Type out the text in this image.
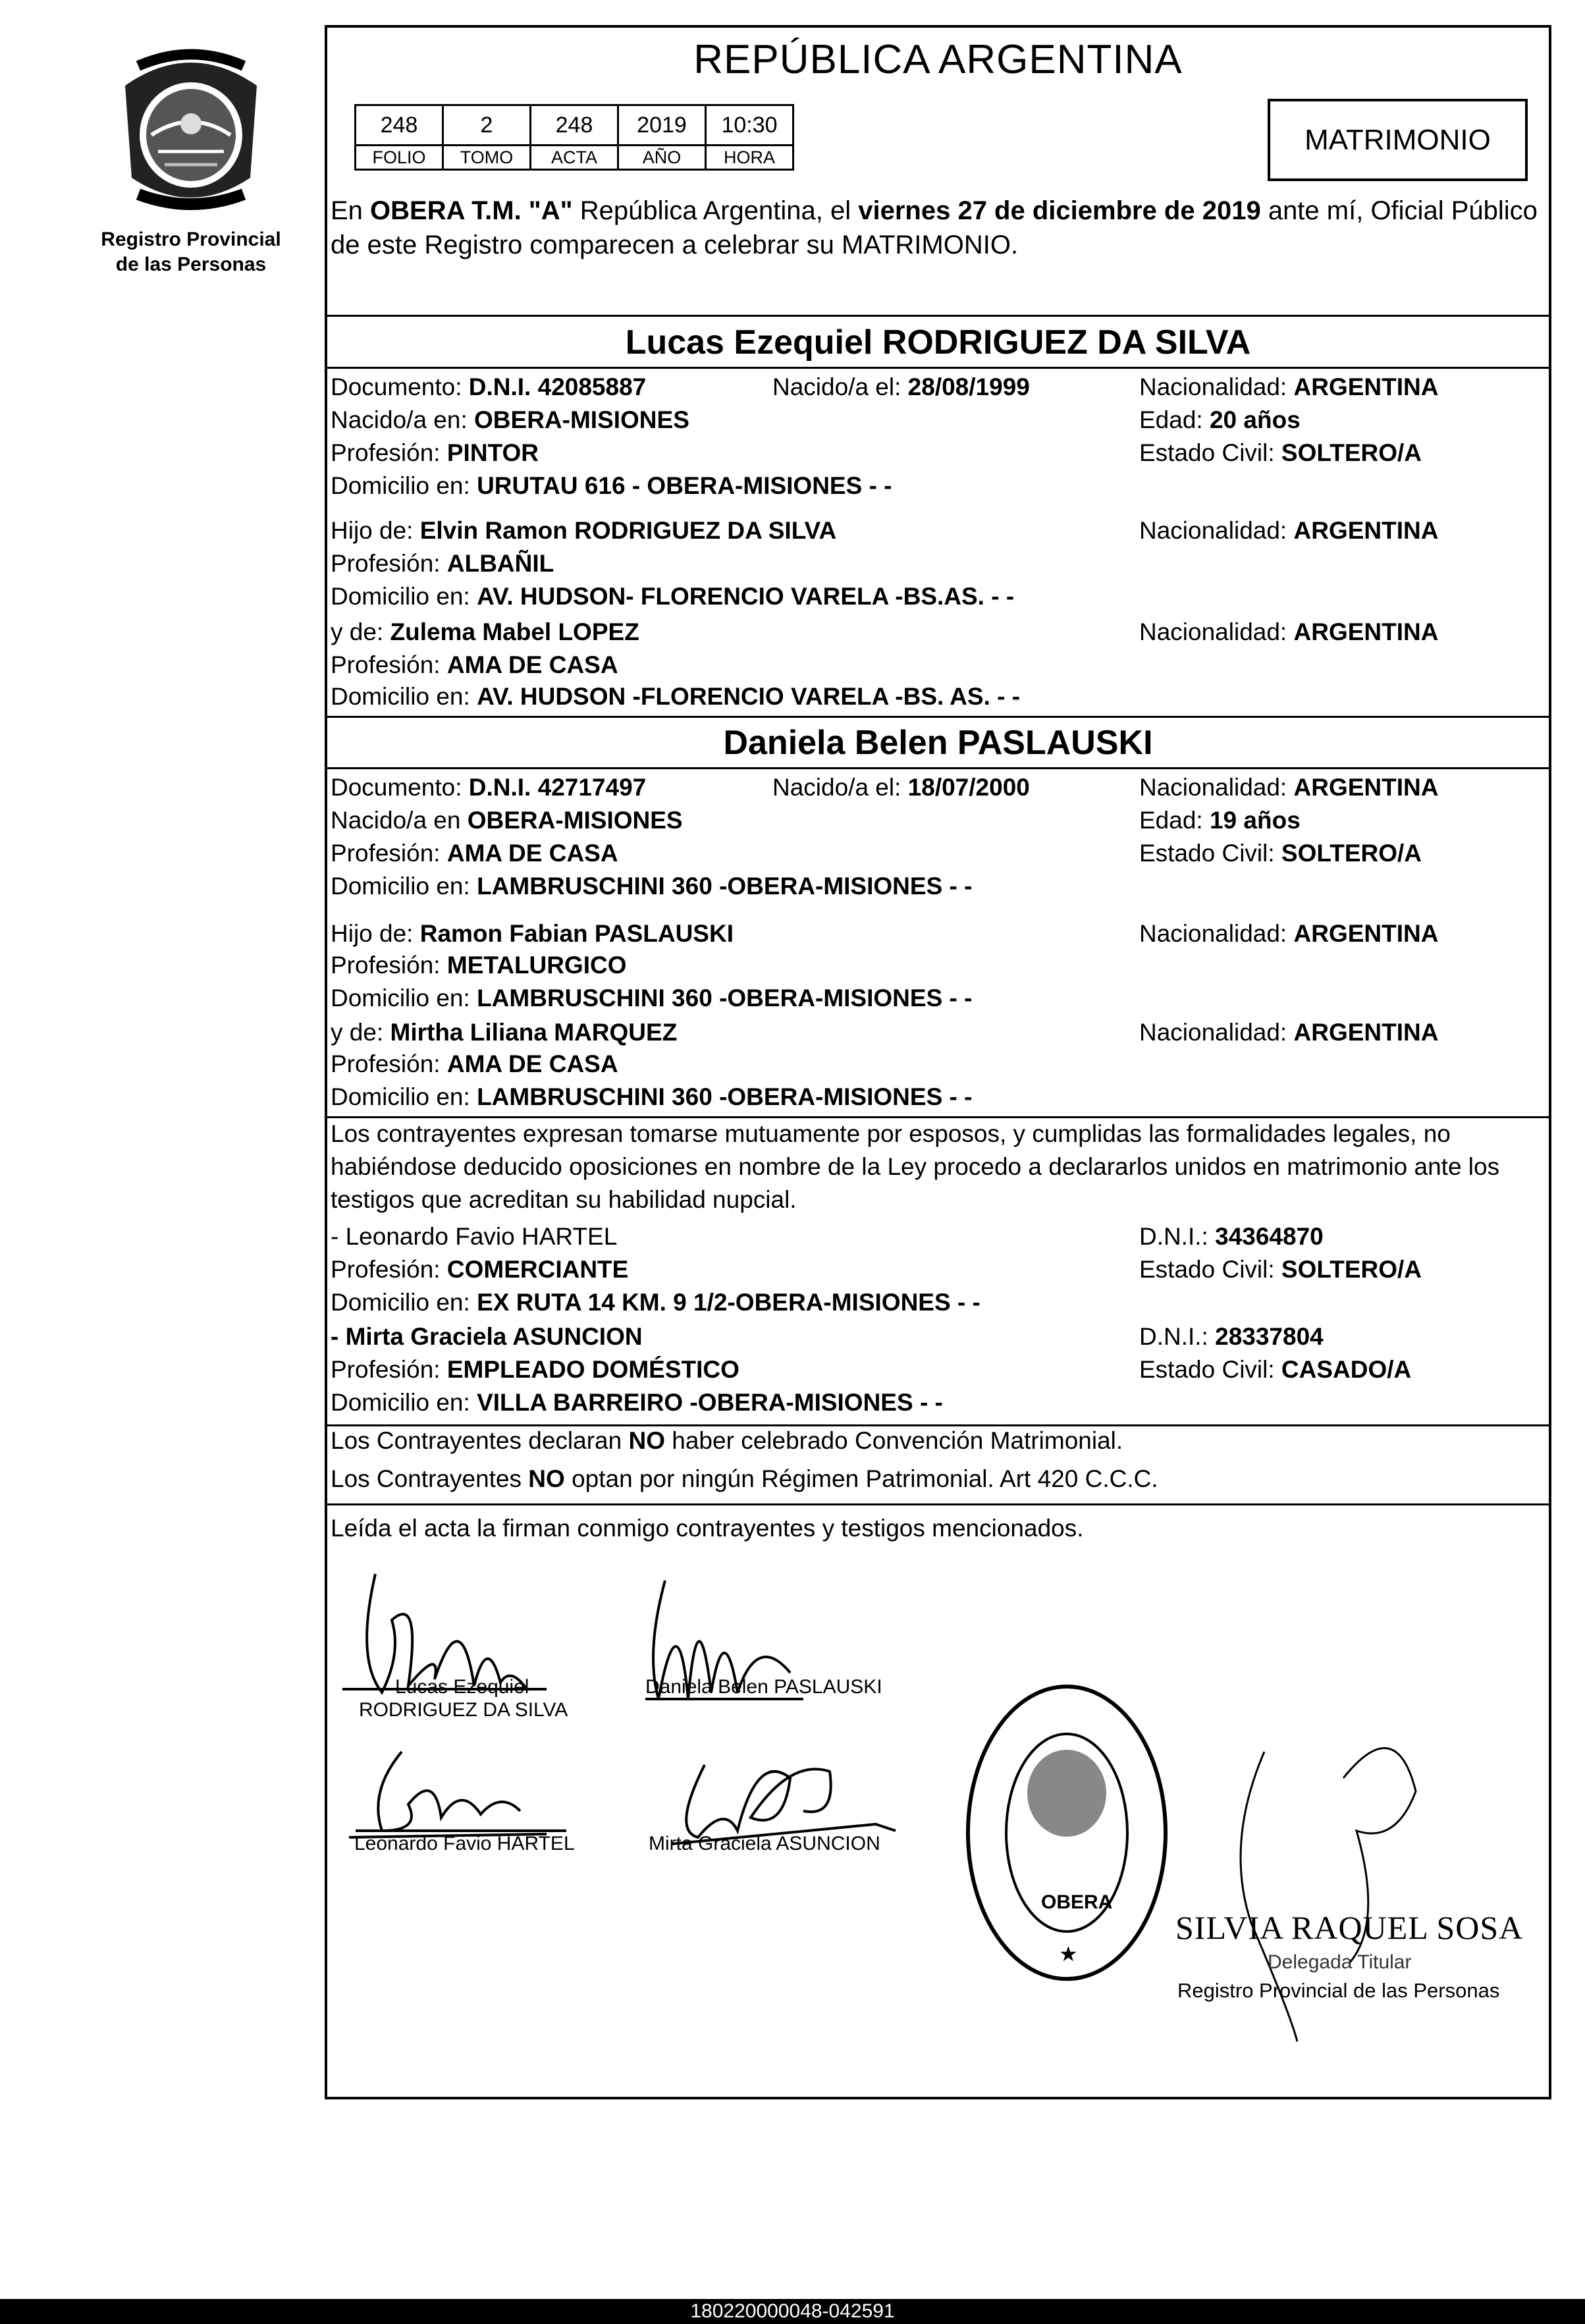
Registro Provincial
de las Personas
REPÚBLICA ARGENTINA
248	2	248	2019	10:30
FOLIO	TOMO	ACTA	AÑO	HORA
MATRIMONIO
En OBERA T.M. "A" República Argentina, el viernes 27 de diciembre de 2019 ante mí, Oficial Público de este Registro comparecen a celebrar su MATRIMONIO.
Lucas Ezequiel RODRIGUEZ DA SILVA
Documento: D.N.I. 42085887	Nacido/a el: 28/08/1999	Nacionalidad: ARGENTINA
Nacido/a en: OBERA-MISIONES	Edad: 20 años
Profesión: PINTOR	Estado Civil: SOLTERO/A
Domicilio en: URUTAU 616 - OBERA-MISIONES - -
Hijo de: Elvin Ramon RODRIGUEZ DA SILVA	Nacionalidad: ARGENTINA
Profesión: ALBAÑIL
Domicilio en: AV. HUDSON- FLORENCIO VARELA -BS.AS. - -
y de: Zulema Mabel LOPEZ	Nacionalidad: ARGENTINA
Profesión: AMA DE CASA
Domicilio en: AV. HUDSON -FLORENCIO VARELA -BS. AS. - -
Daniela Belen PASLAUSKI
Documento: D.N.I. 42717497	Nacido/a el: 18/07/2000	Nacionalidad: ARGENTINA
Nacido/a en OBERA-MISIONES	Edad: 19 años
Profesión: AMA DE CASA	Estado Civil: SOLTERO/A
Domicilio en: LAMBRUSCHINI 360 -OBERA-MISIONES - -
Hijo de: Ramon Fabian PASLAUSKI	Nacionalidad: ARGENTINA
Profesión: METALURGICO
Domicilio en: LAMBRUSCHINI 360 -OBERA-MISIONES - -
y de: Mirtha Liliana MARQUEZ	Nacionalidad: ARGENTINA
Profesión: AMA DE CASA
Domicilio en: LAMBRUSCHINI 360 -OBERA-MISIONES - -
Los contrayentes expresan tomarse mutuamente por esposos, y cumplidas las formalidades legales, no habiéndose deducido oposiciones en nombre de la Ley procedo a declararlos unidos en matrimonio ante los testigos que acreditan su habilidad nupcial.
- Leonardo Favio HARTEL	D.N.I.: 34364870
Profesión: COMERCIANTE	Estado Civil: SOLTERO/A
Domicilio en: EX RUTA 14 KM. 9 1/2-OBERA-MISIONES - -
- Mirta Graciela ASUNCION	D.N.I.: 28337804
Profesión: EMPLEADO DOMÉSTICO	Estado Civil: CASADO/A
Domicilio en: VILLA BARREIRO -OBERA-MISIONES - -
Los Contrayentes declaran NO haber celebrado Convención Matrimonial.
Los Contrayentes NO optan por ningún Régimen Patrimonial. Art 420 C.C.C.
Leída el acta la firman conmigo contrayentes y testigos mencionados.
Lucas Ezequiel
RODRIGUEZ DA SILVA
Daniela Belen PASLAUSKI
Leonardo Favio HARTEL	Mirta Graciela ASUNCION
OBERA
★
SILVIA RAQUEL SOSA
Delegada Titular
Registro Provincial de las Personas
180220000048-042591
